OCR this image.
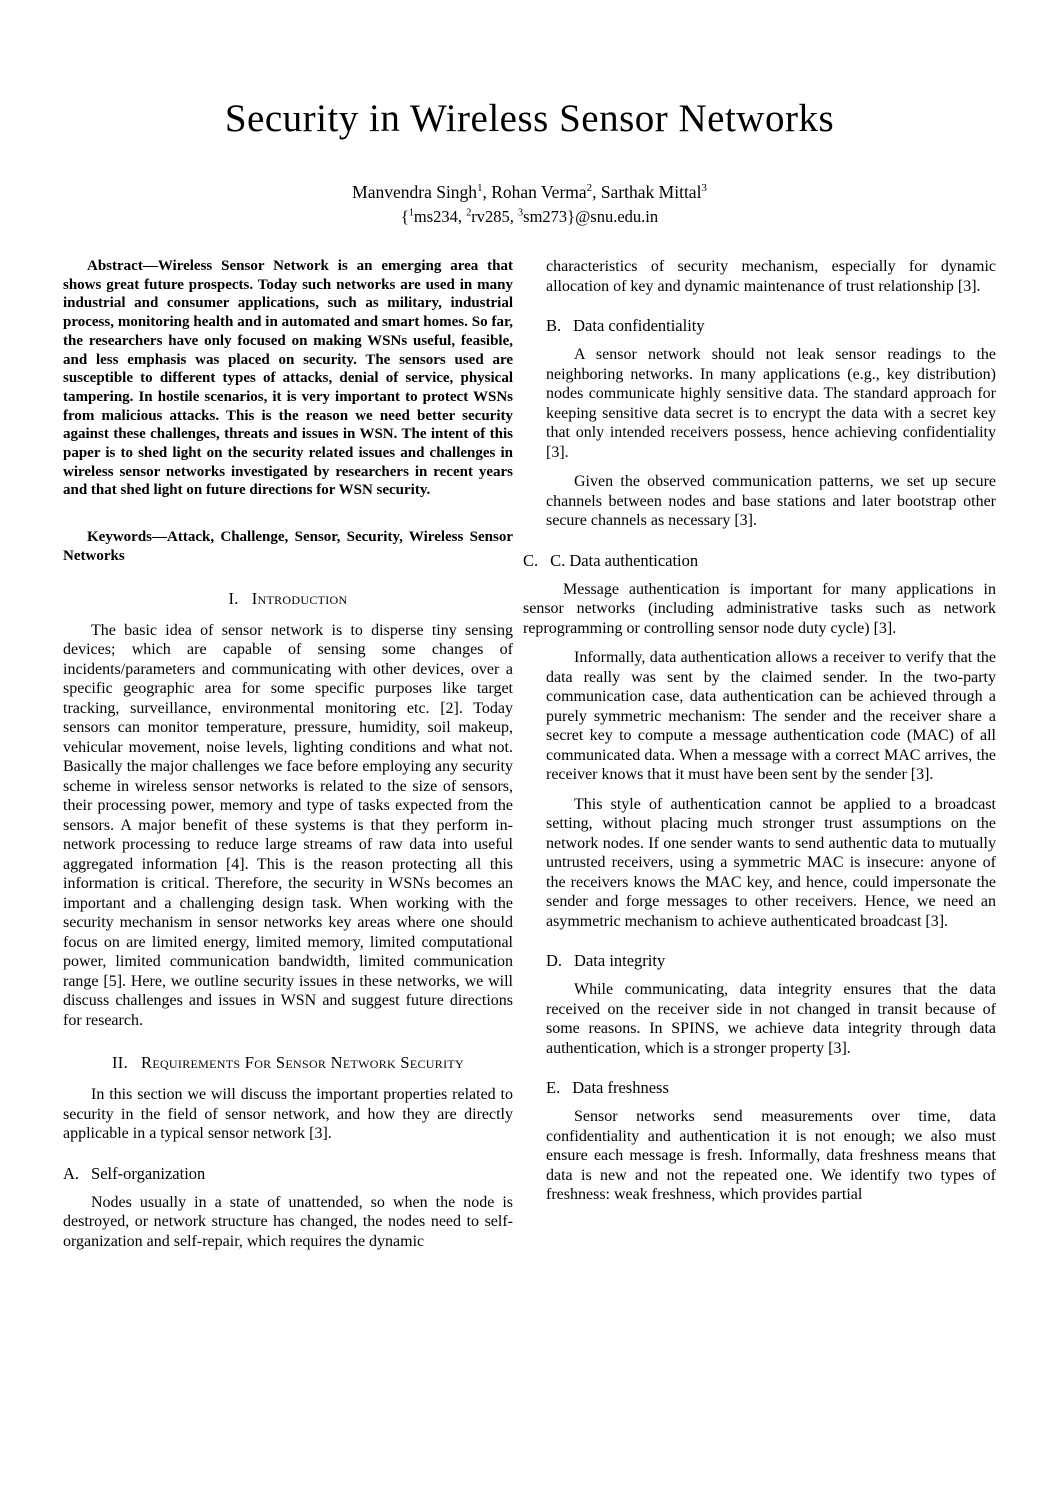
Security in Wireless Sensor Networks
Manvendra Singh$^1$, Rohan Verma$^2$, Sarthak Mittal$^3$
{$^1$ms234, $^2$rv285, $^3$sm273}@snu.edu.in

Abstract—Wireless Sensor Network is an emerging area that shows great future prospects. Today such networks are used in many industrial and consumer applications, such as military, industrial process, monitoring health and in automated and smart homes. So far, the researchers have only focused on making WSNs useful, feasible, and less emphasis was placed on security. The sensors used are susceptible to different types of attacks, denial of service, physical tampering. In hostile scenarios, it is very important to protect WSNs from malicious attacks. This is the reason we need better security against these challenges, threats and issues in WSN. The intent of this paper is to shed light on the security related issues and challenges in wireless sensor networks investigated by researchers in recent years and that shed light on future directions for WSN security.

Keywords—Attack, Challenge, Sensor, Security, Wireless Sensor Networks

I. Introduction

The basic idea of sensor network is to disperse tiny sensing devices; which are capable of sensing some changes of incidents/parameters and communicating with other devices, over a specific geographic area for some specific purposes like target tracking, surveillance, environmental monitoring etc. [2]. Today sensors can monitor temperature, pressure, humidity, soil makeup, vehicular movement, noise levels, lighting conditions and what not. Basically the major challenges we face before employing any security scheme in wireless sensor networks is related to the size of sensors, their processing power, memory and type of tasks expected from the sensors. A major benefit of these systems is that they perform in-network processing to reduce large streams of raw data into useful aggregated information [4]. This is the reason protecting all this information is critical. Therefore, the security in WSNs becomes an important and a challenging design task. When working with the security mechanism in sensor networks key areas where one should focus on are limited energy, limited memory, limited computational power, limited communication bandwidth, limited communication range [5]. Here, we outline security issues in these networks, we will discuss challenges and issues in WSN and suggest future directions for research.

II. Requirements For Sensor Network Security

In this section we will discuss the important properties related to security in the field of sensor network, and how they are directly applicable in a typical sensor network [3].

A. Self-organization

Nodes usually in a state of unattended, so when the node is destroyed, or network structure has changed, the nodes need to self-organization and self-repair, which requires the dynamic

characteristics of security mechanism, especially for dynamic allocation of key and dynamic maintenance of trust relationship [3].

B. Data confidentiality

A sensor network should not leak sensor readings to the neighboring networks. In many applications (e.g., key distribution) nodes communicate highly sensitive data. The standard approach for keeping sensitive data secret is to encrypt the data with a secret key that only intended receivers possess, hence achieving confidentiality [3].

Given the observed communication patterns, we set up secure channels between nodes and base stations and later bootstrap other secure channels as necessary [3].

C. C. Data authentication

Message authentication is important for many applications in sensor networks (including administrative tasks such as network reprogramming or controlling sensor node duty cycle) [3].

Informally, data authentication allows a receiver to verify that the data really was sent by the claimed sender. In the two-party communication case, data authentication can be achieved through a purely symmetric mechanism: The sender and the receiver share a secret key to compute a message authentication code (MAC) of all communicated data. When a message with a correct MAC arrives, the receiver knows that it must have been sent by the sender [3].

This style of authentication cannot be applied to a broadcast setting, without placing much stronger trust assumptions on the network nodes. If one sender wants to send authentic data to mutually untrusted receivers, using a symmetric MAC is insecure: anyone of the receivers knows the MAC key, and hence, could impersonate the sender and forge messages to other receivers. Hence, we need an asymmetric mechanism to achieve authenticated broadcast [3].

D. Data integrity

While communicating, data integrity ensures that the data received on the receiver side in not changed in transit because of some reasons. In SPINS, we achieve data integrity through data authentication, which is a stronger property [3].

E. Data freshness

Sensor networks send measurements over time, data confidentiality and authentication it is not enough; we also must ensure each message is fresh. Informally, data freshness means that data is new and not the repeated one. We identify two types of freshness: weak freshness, which provides partial
